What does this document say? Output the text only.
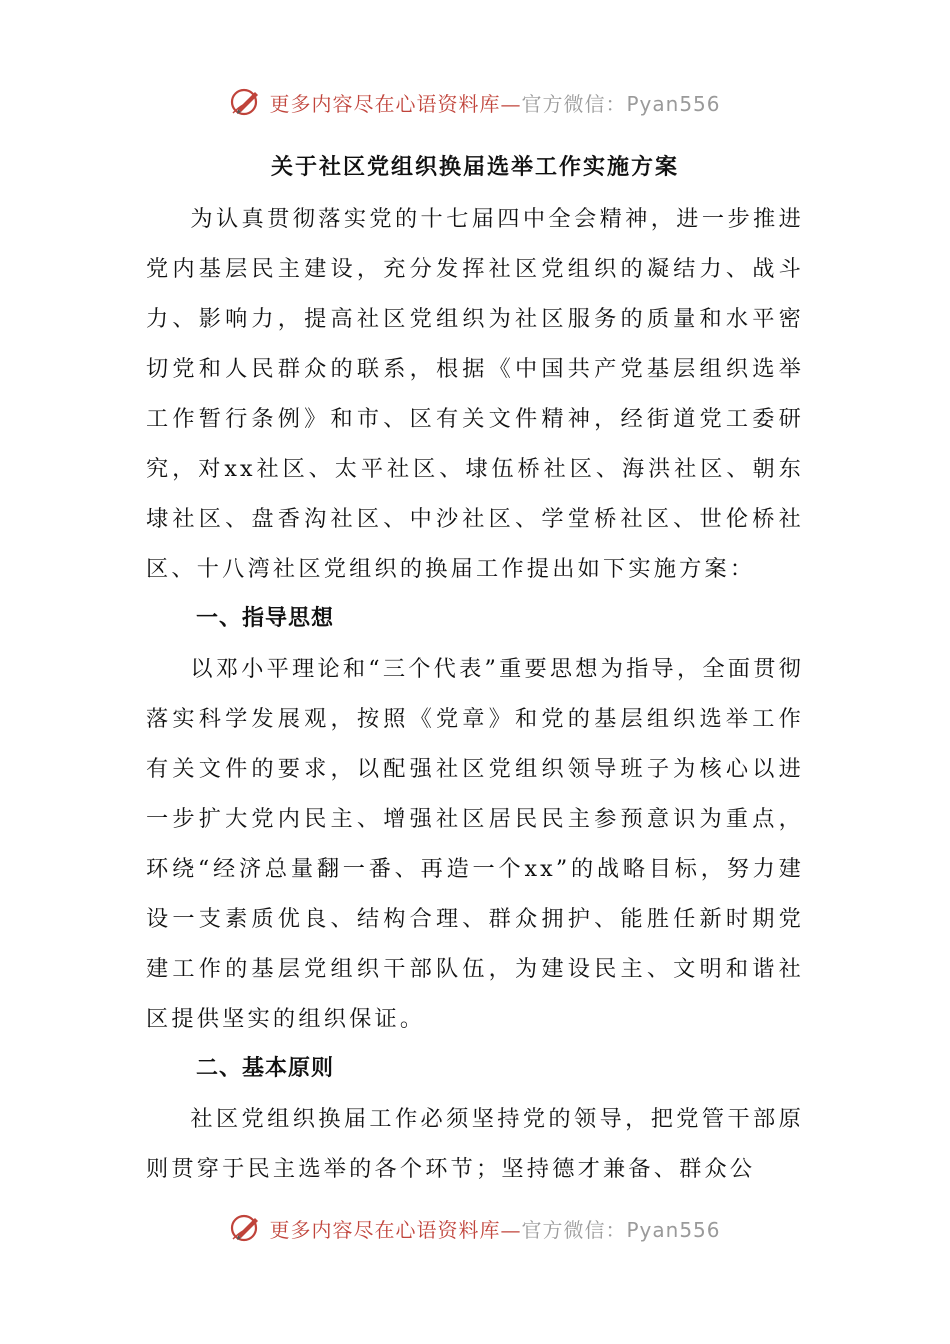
更多内容尽在心语资料库—官方微信：Pyan556
关于社区党组织换届选举工作实施方案

为认真贯彻落实党的十七届四中全会精神，进一步推进党内基层民主建设，充分发挥社区党组织的凝结力、战斗力、影响力，提高社区党组织为社区服务的质量和水平密切党和人民群众的联系，根据《中国共产党基层组织选举工作暂行条例》和市、区有关文件精神，经街道党工委研究，对xx社区、太平社区、埭伍桥社区、海洪社区、朝东埭社区、盘香沟社区、中沙社区、学堂桥社区、世伦桥社区、十八湾社区党组织的换届工作提出如下实施方案：

一、指导思想

以邓小平理论和“三个代表”重要思想为指导，全面贯彻落实科学发展观，按照《党章》和党的基层组织选举工作有关文件的要求，以配强社区党组织领导班子为核心以进一步扩大党内民主、增强社区居民民主参预意识为重点，环绕“经济总量翻一番、再造一个xx”的战略目标，努力建设一支素质优良、结构合理、群众拥护、能胜任新时期党建工作的基层党组织干部队伍，为建设民主、文明和谐社区提供坚实的组织保证。

二、基本原则

社区党组织换届工作必须坚持党的领导，把党管干部原则贯穿于民主选举的各个环节；坚持德才兼备、群众公

更多内容尽在心语资料库—官方微信：Pyan556
